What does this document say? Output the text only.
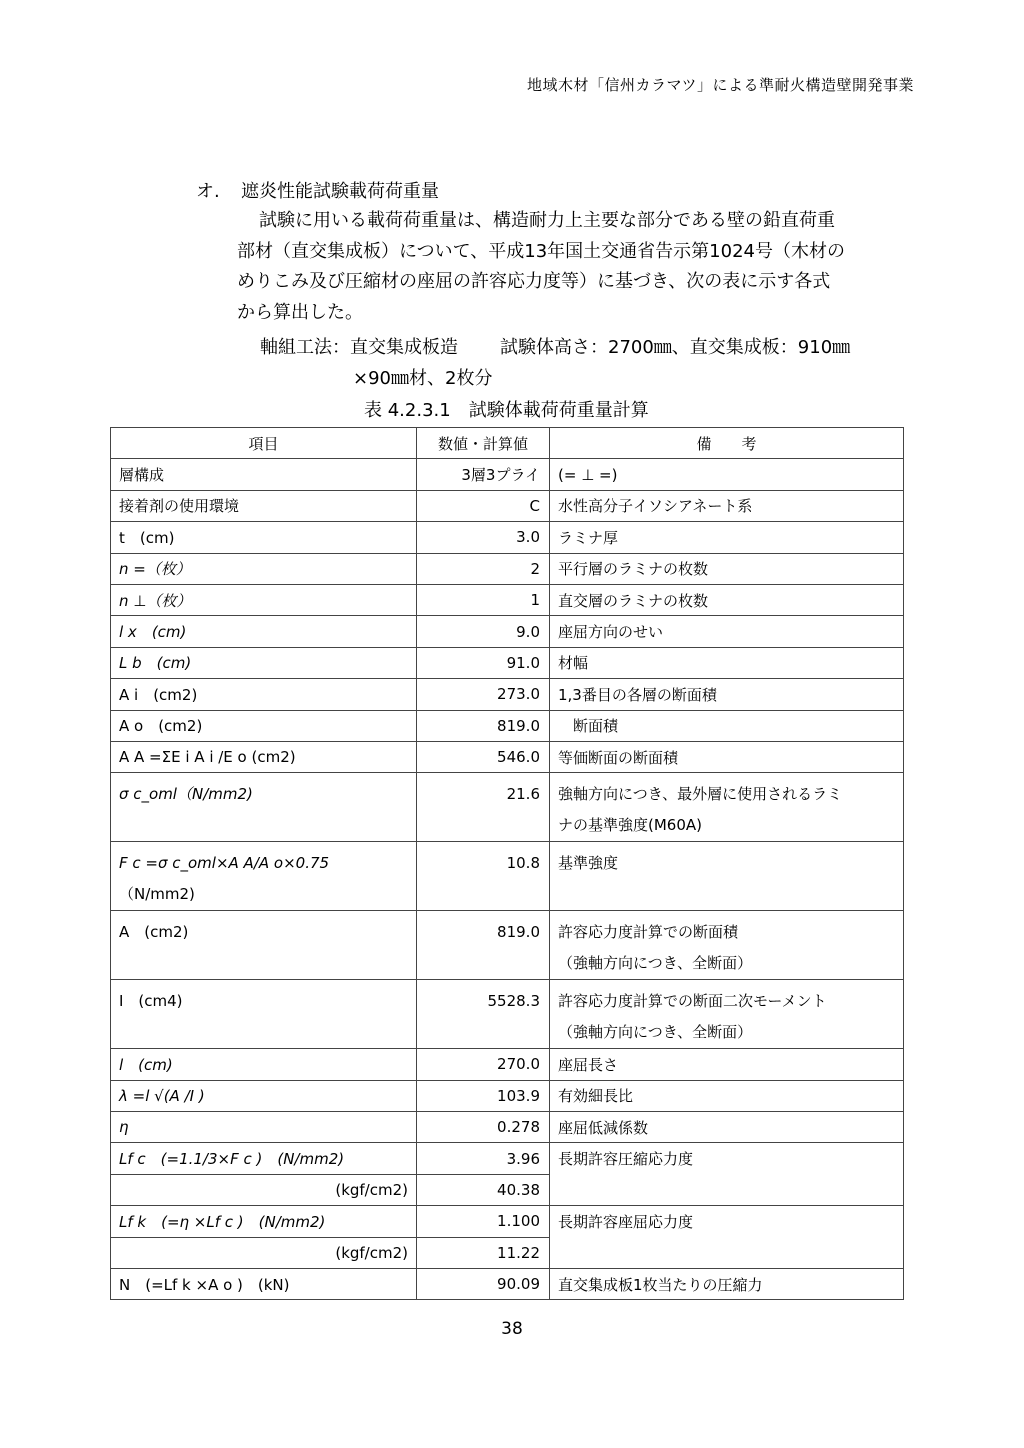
地域木材「信州カラマツ」による準耐火構造壁開発事業
オ. 遮炎性能試験載荷荷重量
試験に用いる載荷荷重量は、構造耐力上主要な部分である壁の鉛直荷重
部材（直交集成板）について、平成13年国土交通省告示第1024号（木材の
めりこみ及び圧縮材の座屈の許容応力度等）に基づき、次の表に示す各式
から算出した。
軸組工法：直交集成板造 試験体高さ：2700㎜、直交集成板：910㎜
×90㎜材、2枚分
表 4.2.3.1　試験体載荷荷重量計算
項目	数値・計算値	備　　考
層構成	3層3プライ	(= ⊥ =)
接着剤の使用環境	C	水性高分子イソシアネート系
t　(cm)	3.0	ラミナ厚
n =（枚）	2	平行層のラミナの枚数
n ⊥（枚）	1	直交層のラミナの枚数
l x　(cm)	9.0	座屈方向のせい
L b　(cm)	91.0	材幅
A i　(cm2)	273.0	1,3番目の各層の断面積
A o　(cm2)	819.0	　断面積
A A =ΣE i A i /E o (cm2)	546.0	等価断面の断面積
σ c_oml（N/mm2)	21.6	強軸方向につき、最外層に使用されるラミ
ナの基準強度(M60A)

F c =σ c_oml×A A/A o×0.75
（N/mm2)	10.8	基準強度
A　(cm2)	819.0	許容応力度計算での断面積
（強軸方向につき、全断面）

I　(cm4)	5528.3	許容応力度計算での断面二次モーメント
（強軸方向につき、全断面）

l　(cm)	270.0	座屈長さ
λ =l √(A /I )	103.9	有効細長比
η	0.278	座屈低減係数
Lf c　(=1.1/3×F c )　(N/mm2)	3.96	長期許容圧縮応力度
(kgf/cm2)	40.38	
Lf k　(=η ×Lf c )　(N/mm2)	1.100	長期許容座屈応力度
(kgf/cm2)	11.22	
N　(=Lf k ×A o )　(kN)	90.09	直交集成板1枚当たりの圧縮力
38
